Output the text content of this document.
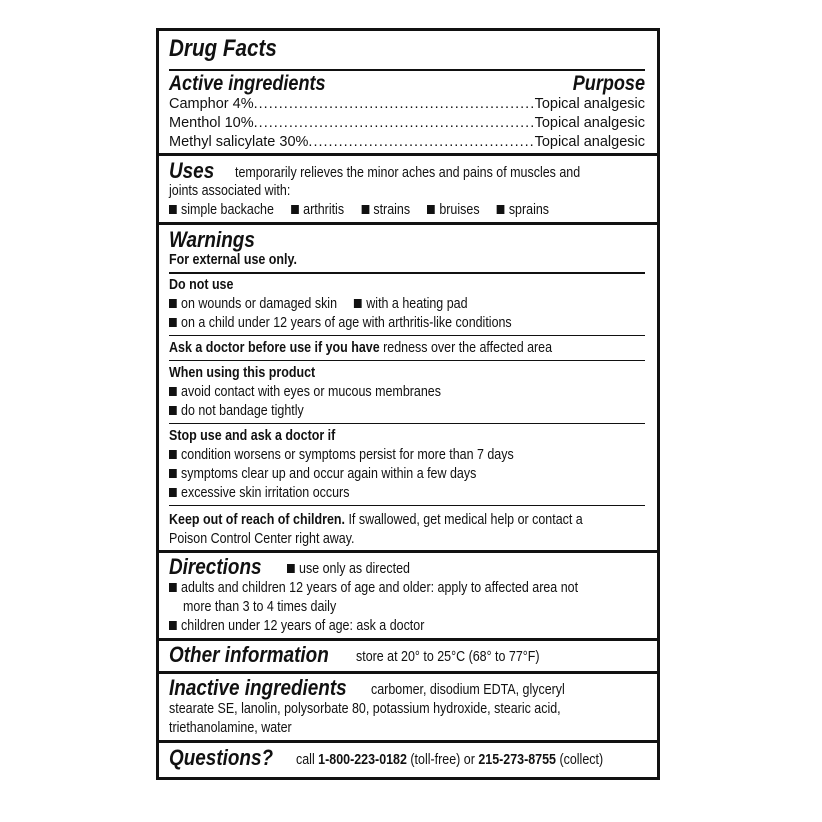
Drug Facts
Active ingredients	Purpose
Camphor 4% .....	Topical analgesic
Menthol 10% .....	Topical analgesic
Methyl salicylate 30% .....	Topical analgesic
Uses temporarily relieves the minor aches and pains of muscles and
joints associated with:
simple backache arthritis strains bruises sprains
Warnings
For external use only.
Do not use
on wounds or damaged skin with a heating pad
on a child under 12 years of age with arthritis-like conditions
Ask a doctor before use if you have redness over the affected area
When using this product
avoid contact with eyes or mucous membranes
do not bandage tightly
Stop use and ask a doctor if
condition worsens or symptoms persist for more than 7 days
symptoms clear up and occur again within a few days
excessive skin irritation occurs
Keep out of reach of children. If swallowed, get medical help or contact a
Poison Control Center right away.
Directions	use only as directed
adults and children 12 years of age and older: apply to affected area not
more than 3 to 4 times daily
children under 12 years of age: ask a doctor
Other information store at 20° to 25°C (68° to 77°F)
Inactive ingredients carbomer, disodium EDTA, glyceryl
stearate SE, lanolin, polysorbate 80, potassium hydroxide, stearic acid,
triethanolamine, water
Questions? call 1-800-223-0182 (toll-free) or 215-273-8755 (collect)
